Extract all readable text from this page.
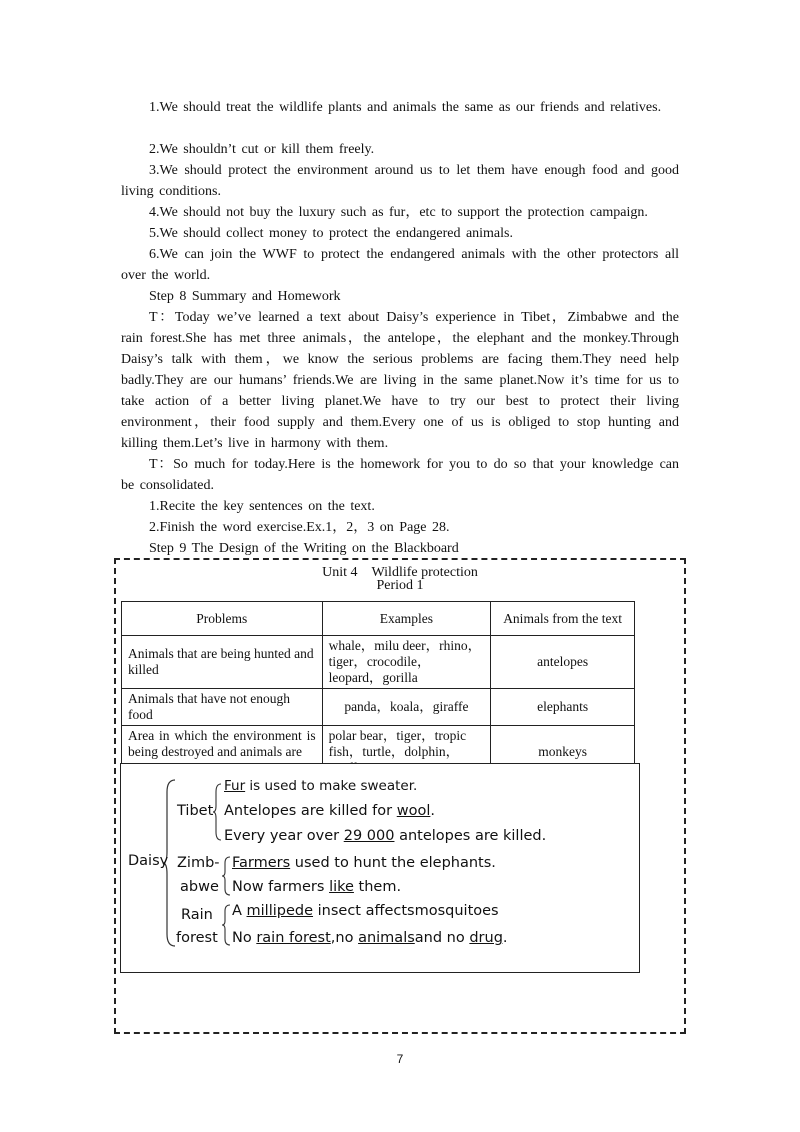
1.We should treat the wildlife plants and animals the same as our friends and relatives.
2.We shouldn’t cut or kill them freely.
3.We should protect the environment around us to let them have enough food and good living conditions.
4.We should not buy the luxury such as fur，etc to support the protection campaign.
5.We should collect money to protect the endangered animals.
6.We can join the WWF to protect the endangered animals with the other protectors all over the world.
Step 8 Summary and Homework
T：Today we’ve learned a text about Daisy’s experience in Tibet，Zimbabwe and the rain forest.She has met three animals，the antelope，the elephant and the monkey.Through Daisy’s talk with them，we know the serious problems are facing them.They need help badly.They are our humans’ friends.We are living in the same planet.Now it’s time for us to take action of a better living planet.We have to try our best to protect their living environment，their food supply and them.Every one of us is obliged to stop hunting and killing them.Let’s live in harmony with them.
T：So much for today.Here is the homework for you to do so that your knowledge can be consolidated.
1.Recite the key sentences on the text.
2.Finish the word exercise.Ex.1，2，3 on Page 28.
Step 9 The Design of the Writing on the Blackboard
Unit 4　Wildlife protection
Period 1
Problems	Examples	Animals from the text
Animals that are being hunted and killed	whale，milu deer，rhino，tiger，crocodile，leopard，gorilla	antelopes
Animals that have not enough food	panda，koala，giraffe	elephants
Area in which the environment is being destroyed and animals are	polar bear，tiger，tropic fish，turtle，dolphin，	monkeys
Daisy
Tibet
Fur is used to make sweater.
Antelopes are killed for wool.
Every year over 29 000 antelopes are killed.
Zimb-
abwe
Farmers used to hunt the elephants.
Now farmers like them.
Rain
forest
A millipede insect affectsmosquitoes
No rain forest,no animalsand no drug.
7
